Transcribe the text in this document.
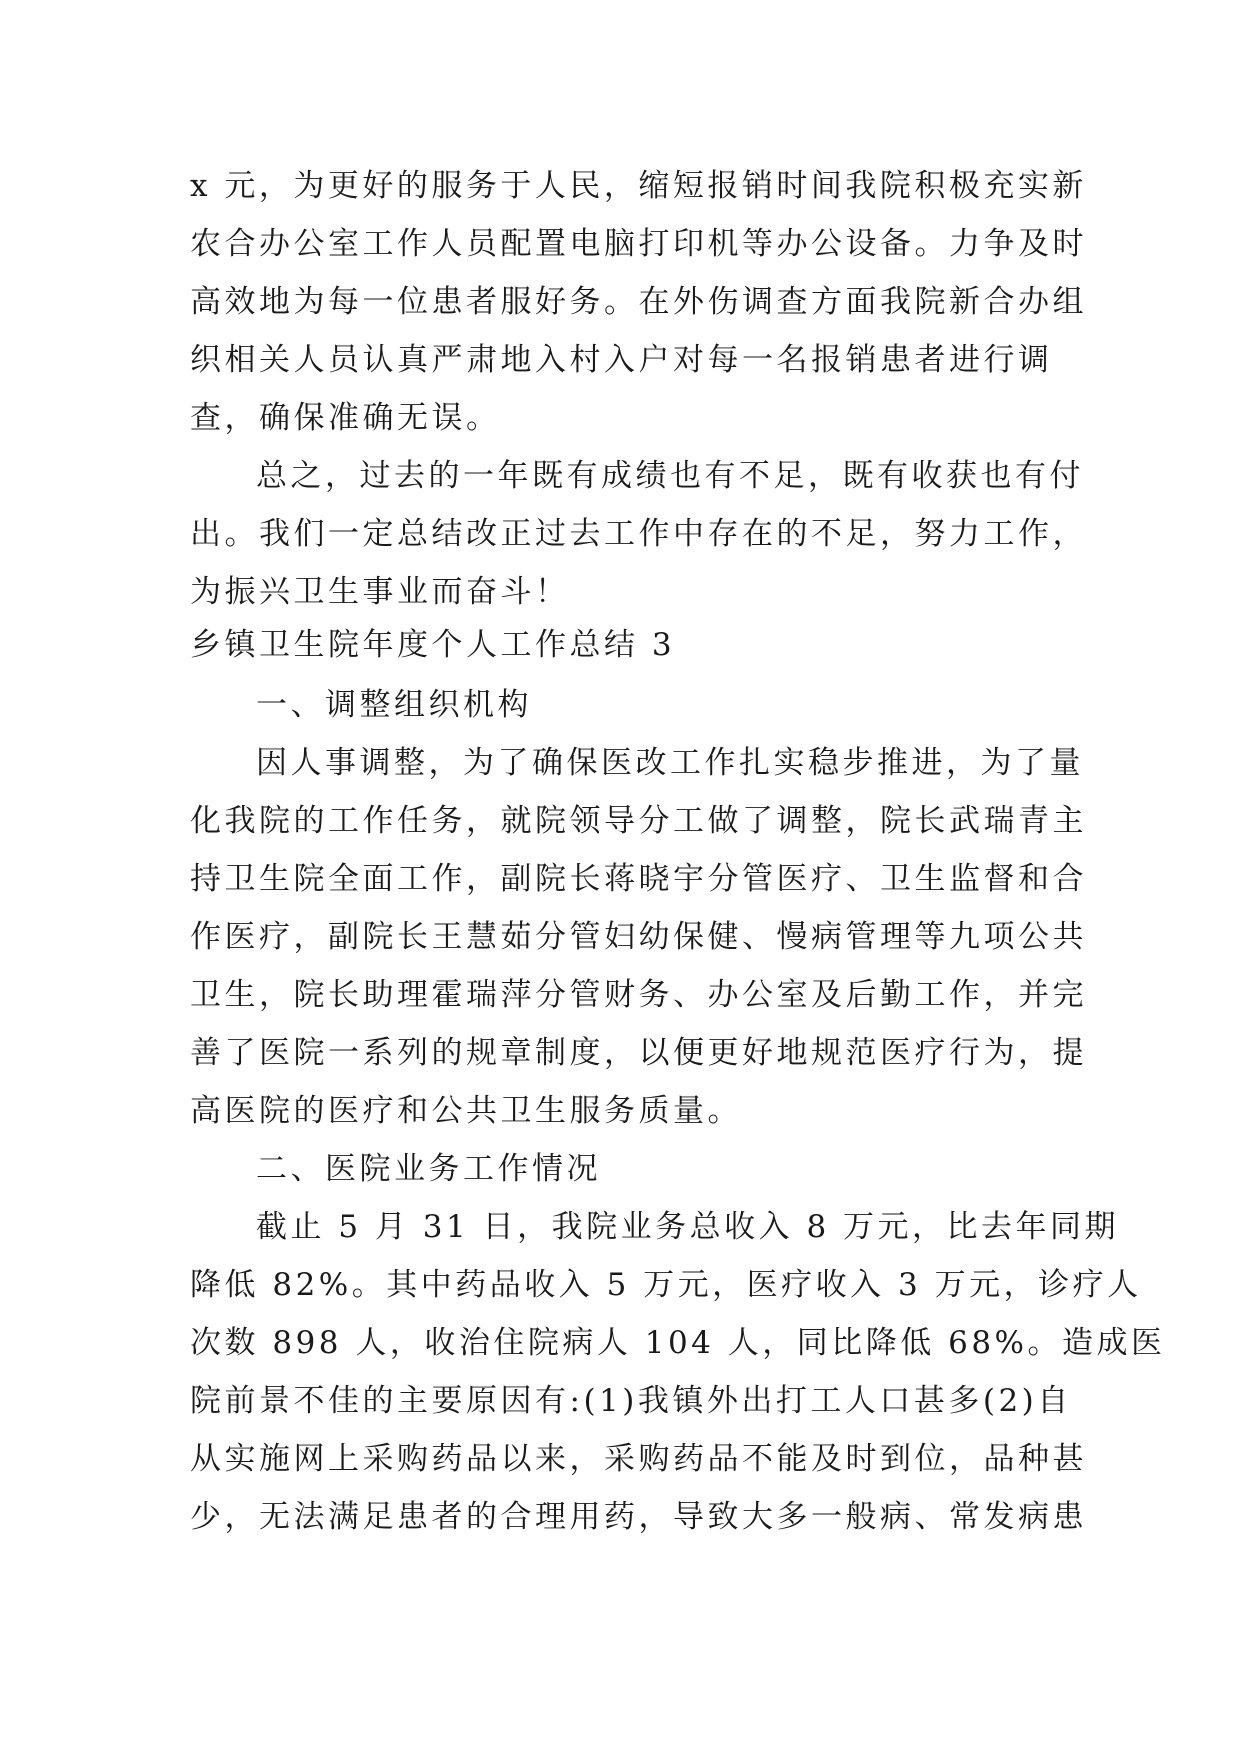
x 元，为更好的服务于人民，缩短报销时间我院积极充实新
农合办公室工作人员配置电脑打印机等办公设备。力争及时
高效地为每一位患者服好务。在外伤调查方面我院新合办组
织相关人员认真严肃地入村入户对每一名报销患者进行调
查，确保准确无误。
总之，过去的一年既有成绩也有不足，既有收获也有付
出。我们一定总结改正过去工作中存在的不足，努力工作，
为振兴卫生事业而奋斗！
乡镇卫生院年度个人工作总结 3
一、调整组织机构
因人事调整，为了确保医改工作扎实稳步推进，为了量
化我院的工作任务，就院领导分工做了调整，院长武瑞青主
持卫生院全面工作，副院长蒋晓宇分管医疗、卫生监督和合
作医疗，副院长王慧茹分管妇幼保健、慢病管理等九项公共
卫生，院长助理霍瑞萍分管财务、办公室及后勤工作，并完
善了医院一系列的规章制度，以便更好地规范医疗行为，提
高医院的医疗和公共卫生服务质量。
二、医院业务工作情况
截止 5 月 31 日，我院业务总收入 8 万元，比去年同期
降低 82%。其中药品收入 5 万元，医疗收入 3 万元，诊疗人
次数 898 人，收治住院病人 104 人，同比降低 68%。造成医
院前景不佳的主要原因有:(1)我镇外出打工人口甚多(2)自
从实施网上采购药品以来，采购药品不能及时到位，品种甚
少，无法满足患者的合理用药，导致大多一般病、常发病患
